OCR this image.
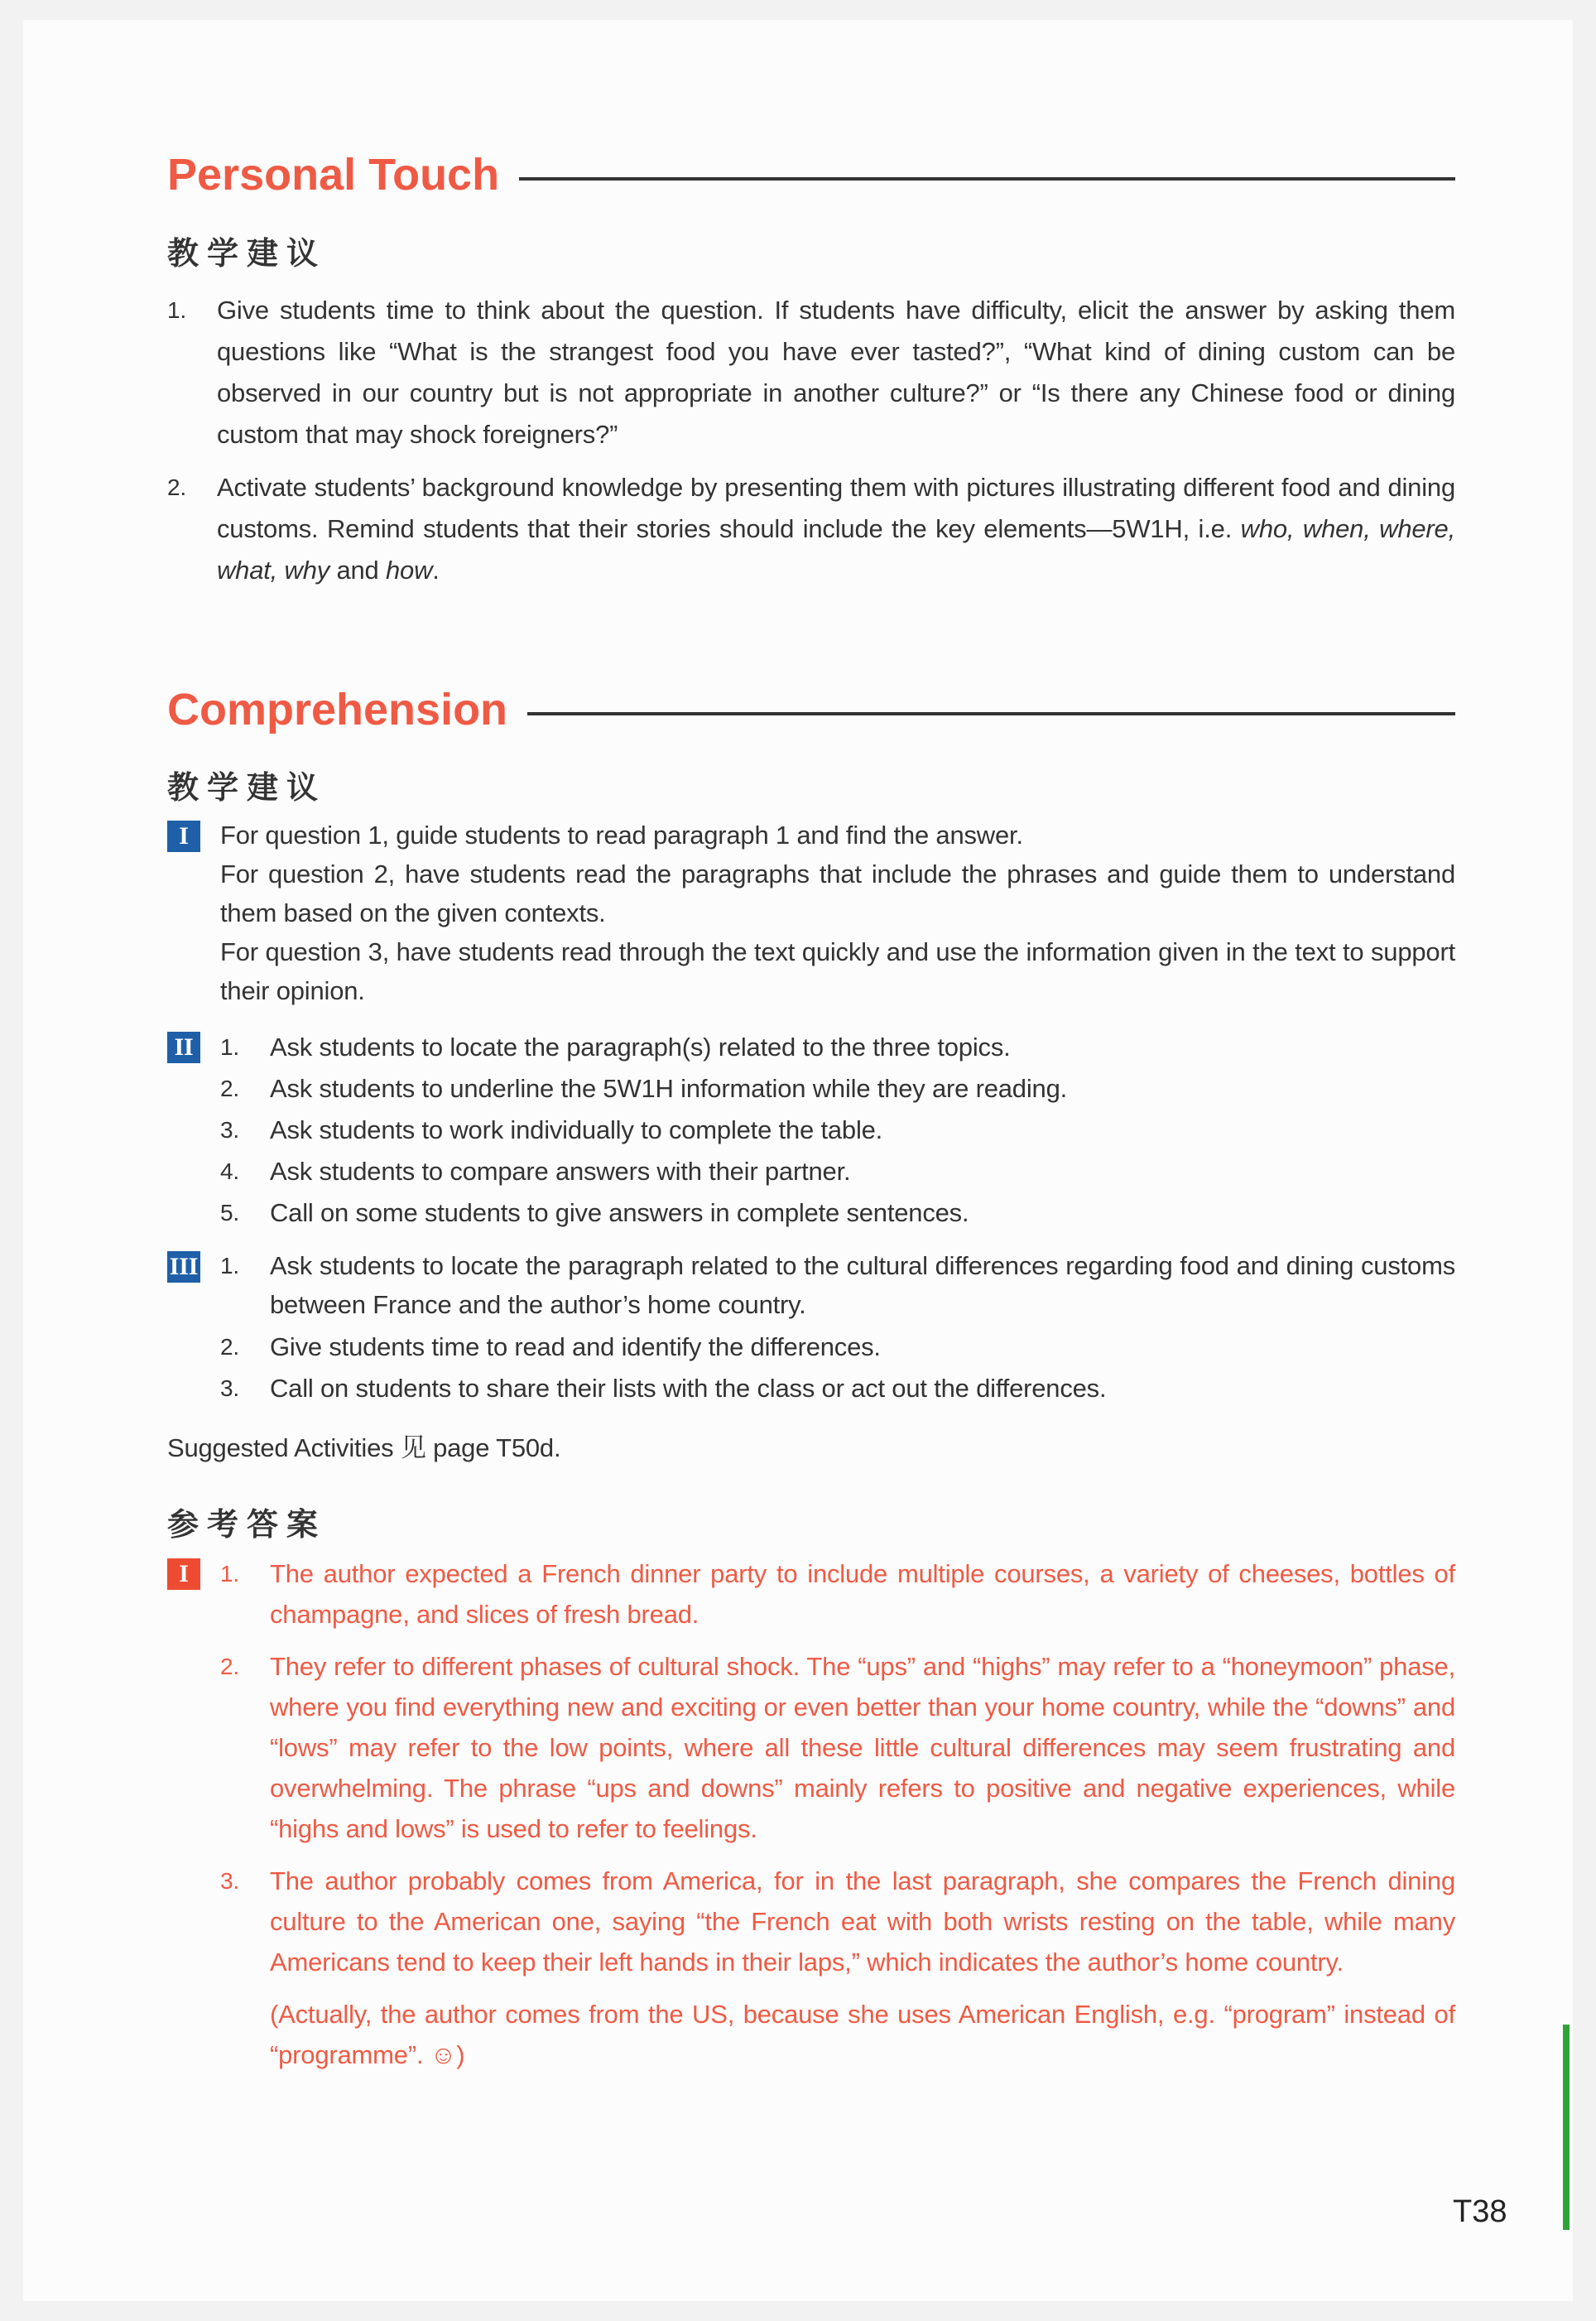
Personal Touch
教学建议
1.	Give students time to think about the question. If students have difficulty, elicit the answer by asking them questions like “What is the strangest food you have ever tasted?”, “What kind of dining custom can be observed in our country but is not appropriate in another culture?” or “Is there any Chinese food or dining custom that may shock foreigners?”
2.	Activate students’ background knowledge by presenting them with pictures illustrating different food and dining customs. Remind students that their stories should include the key elements—5W1H, i.e. who, when, where, what, why and how.
Comprehension
教学建议
I	For question 1, guide students to read paragraph 1 and find the answer.
For question 2, have students read the paragraphs that include the phrases and guide them to understand them based on the given contexts.
For question 3, have students read through the text quickly and use the information given in the text to support their opinion.
II	1.	Ask students to locate the paragraph(s) related to the three topics.
2.	Ask students to underline the 5W1H information while they are reading.
3.	Ask students to work individually to complete the table.
4.	Ask students to compare answers with their partner.
5.	Call on some students to give answers in complete sentences.
III 1.	Ask students to locate the paragraph related to the cultural differences regarding food and dining customs between France and the author’s home country.
2.	Give students time to read and identify the differences.
3.	Call on students to share their lists with the class or act out the differences.
Suggested Activities 见 page T50d.
参考答案
I	1.	The author expected a French dinner party to include multiple courses, a variety of cheeses, bottles of champagne, and slices of fresh bread.
2.	They refer to different phases of cultural shock. The “ups” and “highs” may refer to a “honeymoon” phase, where you find everything new and exciting or even better than your home country, while the “downs” and “lows” may refer to the low points, where all these little cultural differences may seem frustrating and overwhelming. The phrase “ups and downs” mainly refers to positive and negative experiences, while “highs and lows” is used to refer to feelings.
3.	The author probably comes from America, for in the last paragraph, she compares the French dining culture to the American one, saying “the French eat with both wrists resting on the table, while many Americans tend to keep their left hands in their laps,” which indicates the author’s home country.
(Actually, the author comes from the US, because she uses American English, e.g. “program” instead of “programme”. ☺)
T38
